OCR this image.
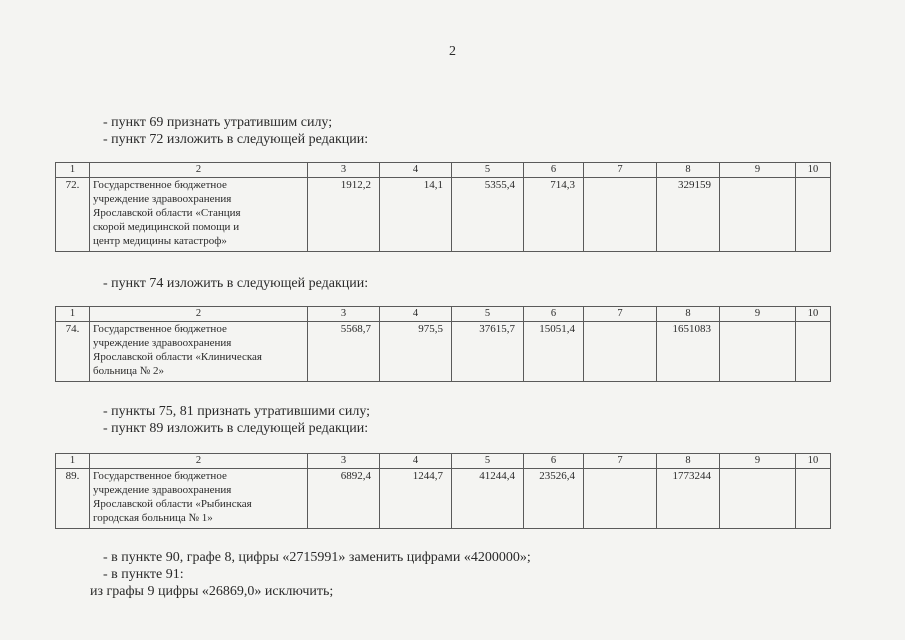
2
- пункт 69 признать утратившим силу;
- пункт 72 изложить в следующей редакции:
1	2	3	4	5	6	7	8	9	10
72.	Государственное бюджетное
учреждение здравоохранения
Ярославской области «Станция
скорой медицинской помощи и
центр медицины катастроф»	1912,2	14,1	5355,4	714,3		329159		
- пункт 74 изложить в следующей редакции:
1	2	3	4	5	6	7	8	9	10
74.	Государственное бюджетное
учреждение здравоохранения
Ярославской области «Клиническая
больница № 2»	5568,7	975,5	37615,7	15051,4		1651083		
- пункты 75, 81 признать утратившими силу;
- пункт 89 изложить в следующей редакции:
1	2	3	4	5	6	7	8	9	10
89.	Государственное бюджетное
учреждение здравоохранения
Ярославской области «Рыбинская
городская больница № 1»	6892,4	1244,7	41244,4	23526,4		1773244		
- в пункте 90, графе 8, цифры «2715991» заменить цифрами «4200000»;
- в пункте 91:
из графы 9 цифры «26869,0» исключить;
